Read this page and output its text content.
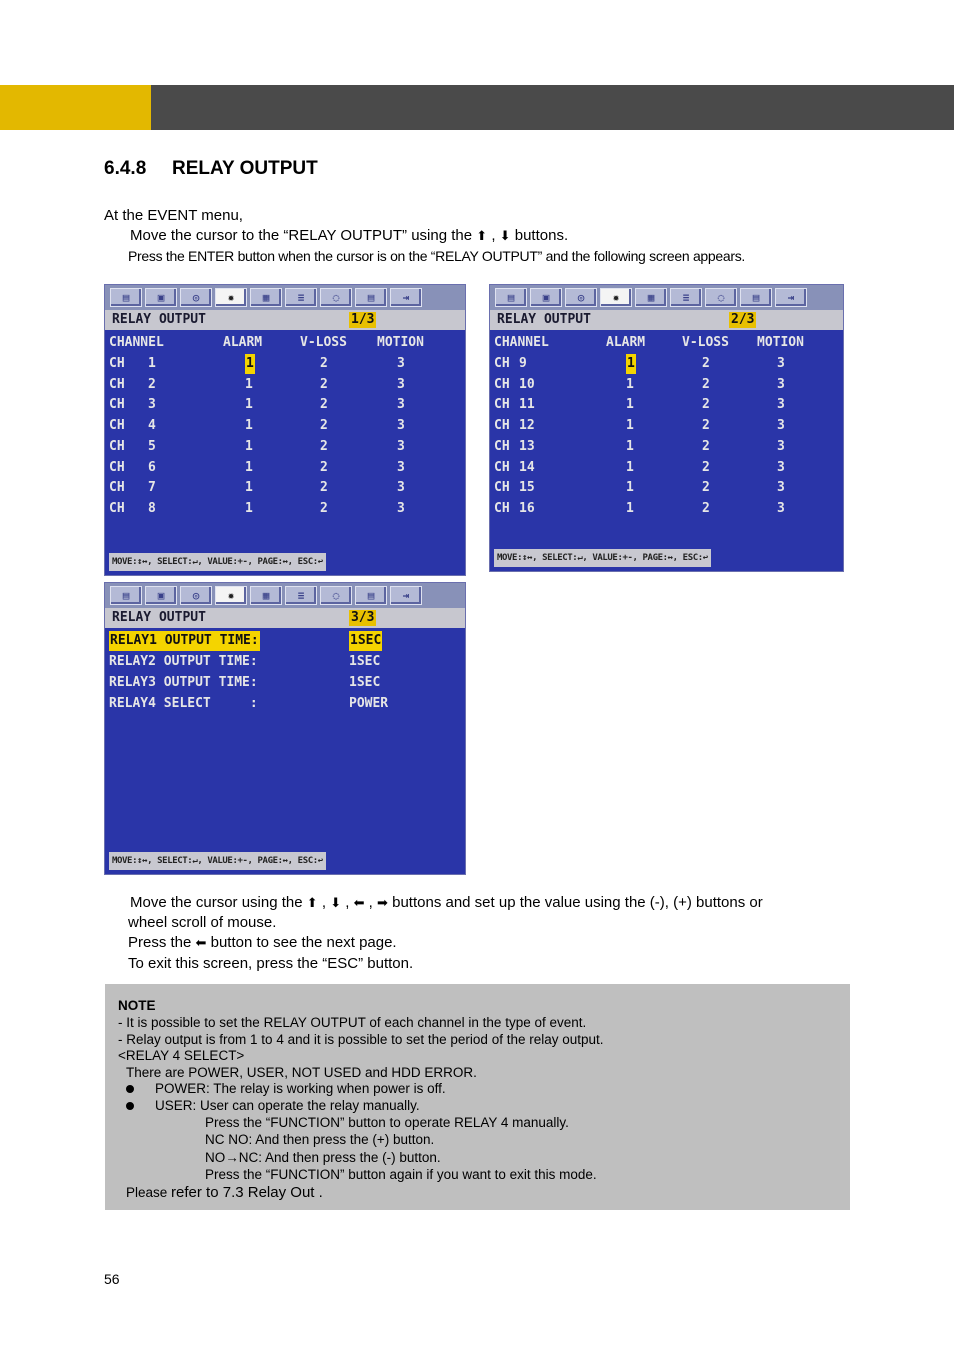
6.4.8 RELAY OUTPUT
At the EVENT menu,
Move the cursor to the “RELAY OUTPUT” using the ⬆ , ⬇ buttons.
Press the ENTER button when the cursor is on the “RELAY OUTPUT” and the following screen appears.
▤	▣	◎	✹	▦	≡	◌	▤	⇥
RELAY OUTPUT	1/3
CHANNEL	ALARM	V-LOSS MOTION
CH 1	1	2	3
CH 2	1	2	3
CH 3	1	2	3
CH 4	1	2	3
CH 5	1	2	3
CH 6	1	2	3
CH 7	1	2	3
CH 8	1	2	3
MOVE:↕↔, SELECT:↵, VALUE:+-, PAGE:↔, ESC:↩
▤	▣	◎	✹	▦	≡	◌	▤	⇥
RELAY OUTPUT	2/3
CHANNEL	ALARM	V-LOSS MOTION
CH 9	1	2	3
CH 10	1	2	3
CH 11	1	2	3
CH 12	1	2	3
CH 13	1	2	3
CH 14	1	2	3
CH 15	1	2	3
CH 16	1	2	3
MOVE:↕↔, SELECT:↵, VALUE:+-, PAGE:↔, ESC:↩
▤	▣	◎	✹	▦	≡	◌	▤	⇥
RELAY OUTPUT	3/3
RELAY1 OUTPUT TIME:	1SEC
RELAY2 OUTPUT TIME:	1SEC
RELAY3 OUTPUT TIME:	1SEC
RELAY4 SELECT     :	POWER
MOVE:↕↔, SELECT:↵, VALUE:+-, PAGE:↔, ESC:↩
Move the cursor using the ⬆ , ⬇ , ⬅ , ➡ buttons and set up the value using the (-), (+) buttons or
wheel scroll of mouse.
Press the ⬅ button to see the next page.
To exit this screen, press the “ESC” button.
NOTE
- It is possible to set the RELAY OUTPUT of each channel in the type of event.
- Relay output is from 1 to 4 and it is possible to set the period of the relay output.
<RELAY 4 SELECT>
There are POWER, USER, NOT USED and HDD ERROR.
POWER: The relay is working when power is off.
USER: User can operate the relay manually.
Press the “FUNCTION” button to operate RELAY 4 manually.
NC NO: And then press the (+) button.
NO→NC: And then press the (-) button.
Press the “FUNCTION” button again if you want to exit this mode.
Please refer to 7.3 Relay Out .
56
